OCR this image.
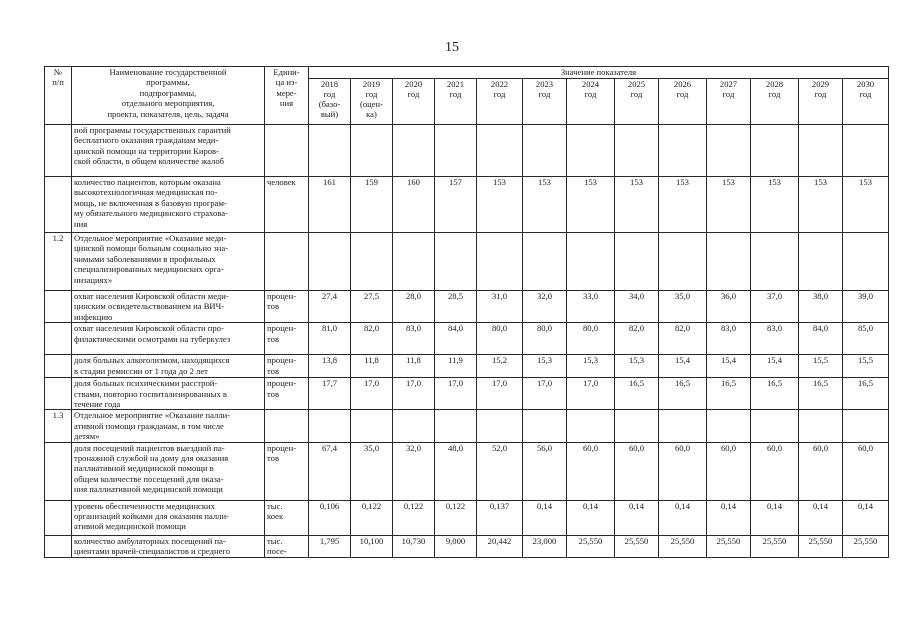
15
№
п/п	Наименование государственной
программы,
подпрограммы,
отдельного мероприятия,
проекта, показателя, цель, задача	Едини-
ца из-
мере-
ния	Значение показателя												
			2018
год
(базо-
вый)	2019
год
(оцен-
ка)	2020
год	2021
год	2022
год	2023
год	2024
год	2025
год	2026
год	2027
год	2028
год	2029
год	2030
год
	ной программы государственных гарантий
бесплатного оказания гражданам меди-
цинской помощи на территории Киров-
ской области, в общем количестве жалоб														
	количество пациентов, которым оказана
высокотехнологичная медицинская по-
мощь, не включенная в базовую програм-
му обязательного медицинского страхова-
ния	человек	161	159	160	157	153	153	153	153	153	153	153	153	153
1.2	Отдельное мероприятие «Оказание меди-
цинской помощи больным социально зна-
чимыми заболеваниями в профильных
специализированных медицинских орга-
низациях»														
	охват населения Кировской области меди-
цинским освидетельствованием на ВИЧ-
инфекцию	процен-
тов	27,4	27,5	28,0	28,5	31,0	32,0	33,0	34,0	35,0	36,0	37,0	38,0	39,0
	охват населения Кировской области про-
филактическими осмотрами на туберкулез	процен-
тов	81,0	82,0	83,0	84,0	80,0	80,0	80,0	82,0	82,0	83,0	83,0	84,0	85,0
	доля больных алкоголизмом, находящихся
в стадии ремиссии от 1 года до 2 лет	процен-
тов	13,8	11,8	11,8	11,9	15,2	15,3	15,3	15,3	15,4	15,4	15,4	15,5	15,5
	доля больных психическими расстрой-
ствами, повторно госпитализированных в
течение года	процен-
тов	17,7	17,0	17,0	17,0	17,0	17,0	17,0	16,5	16,5	16,5	16,5	16,5	16,5
1.3	Отдельное мероприятие «Оказание палли-
ативной помощи гражданам, в том числе
детям»														
	доля посещений пациентов выездной па-
тронажной службой на дому для оказания
паллиативной медицинской помощи в
общем количестве посещений для оказа-
ния паллиативной медицинской помощи	процен-
тов	67,4	35,0	32,0	48,0	52,0	56,0	60,0	60,0	60,0	60,0	60,0	60,0	60,0
	уровень обеспеченности медицинских
организаций койками для оказания палли-
ативной медицинской помощи	тыс.
коек	0,106	0,122	0,122	0,122	0,137	0,14	0,14	0,14	0,14	0,14	0,14	0,14	0,14
	количество амбулаторных посещений па-
циентами врачей-специалистов и среднего	тыс.
посе-	1,795	10,100	10,730	9,000	20,442	23,000	25,550	25,550	25,550	25,550	25,550	25,550	25,550
